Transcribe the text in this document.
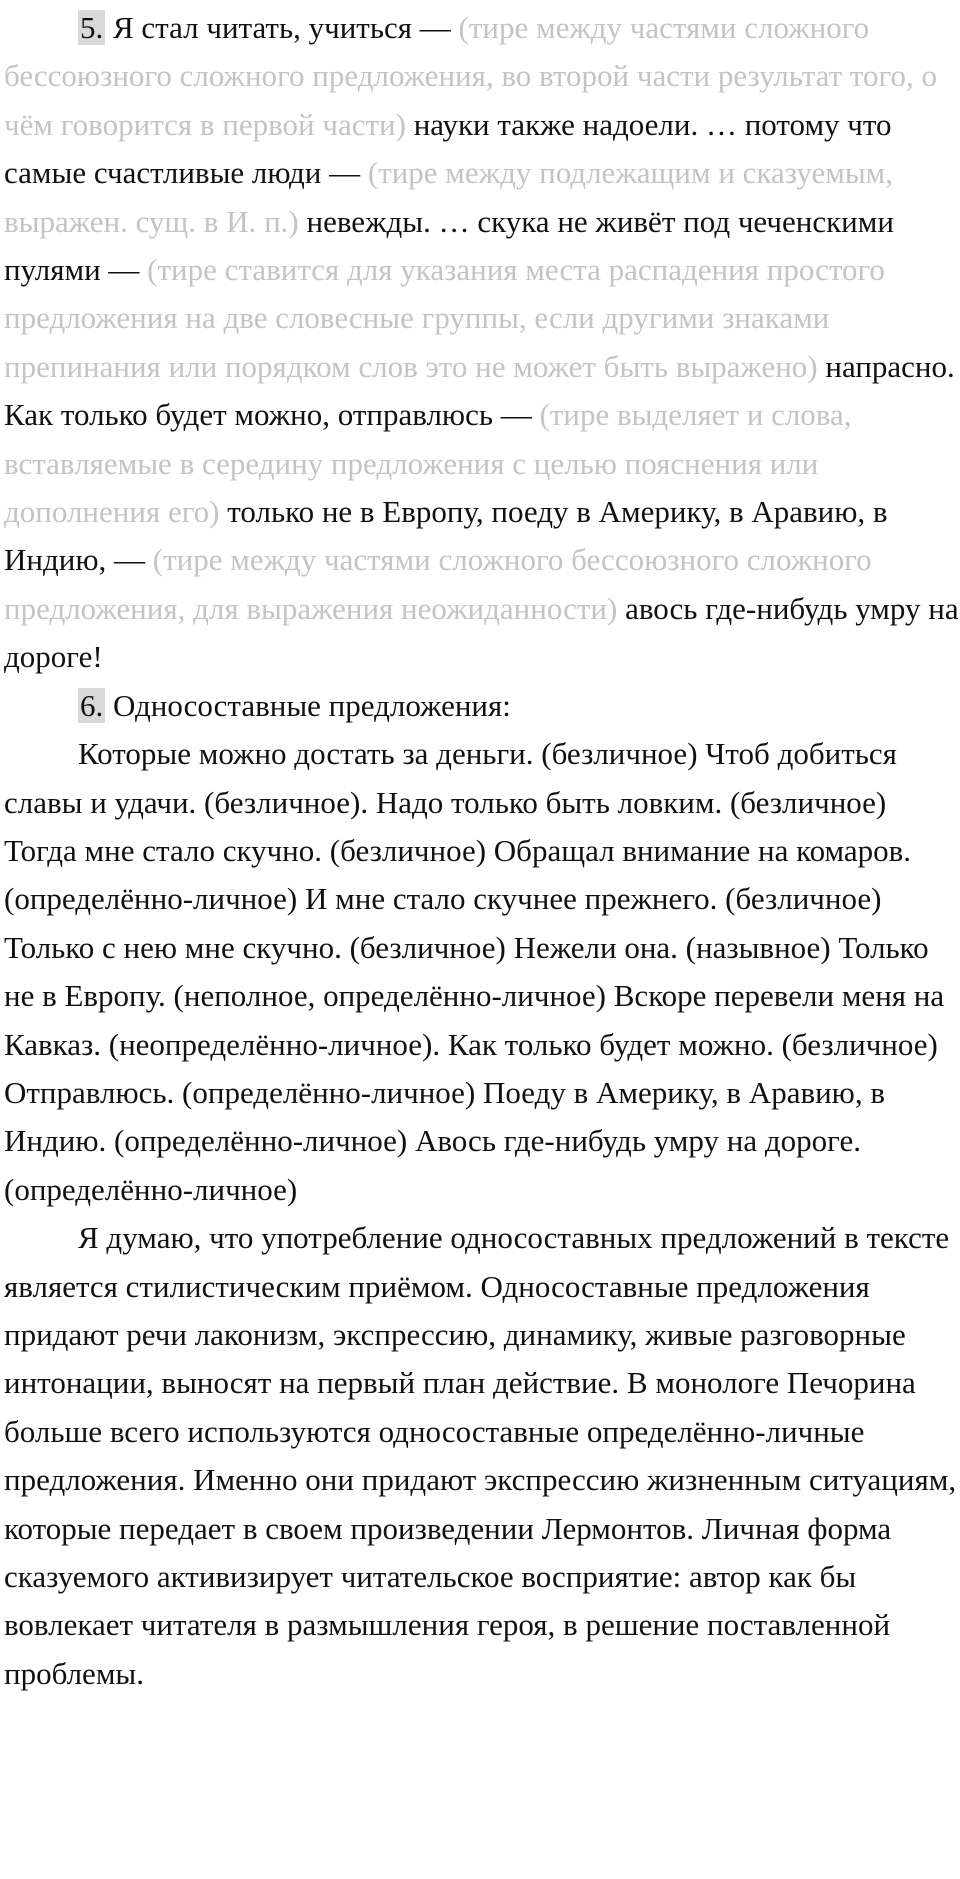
5. Я стал читать, учиться — (тире между частями сложного бессоюзного сложного предложения, во второй части результат того, о чём говорится в первой части) науки также надоели. … потому что самые счастливые люди — (тире между подлежащим и сказуемым, выражен. сущ. в И. п.) невежды. … скука не живёт под чеченскими пулями — (тире ставится для указания места распадения простого предложения на две словесные группы, если другими знаками препинания или порядком слов это не может быть выражено) напрасно. Как только будет можно, отправлюсь — (тире выделяет и слова, вставляемые в середину предложения с целью пояснения или дополнения его) только не в Европу, поеду в Америку, в Аравию, в Индию, — (тире между частями сложного бессоюзного сложного предложения, для выражения неожиданности) авось где-нибудь умру на дороге!

6. Односоставные предложения:

Которые можно достать за деньги. (безличное) Чтоб добиться славы и удачи. (безличное). Надо только быть ловким. (безличное) Тогда мне стало скучно. (безличное) Обращал внимание на комаров. (определённо-личное) И мне стало скучнее прежнего. (безличное) Только с нею мне скучно. (безличное) Нежели она. (назывное) Только не в Европу. (неполное, определённо-личное) Вскоре перевели меня на Кавказ. (неопределённо-личное). Как только будет можно. (безличное) Отправлюсь. (определённо-личное) Поеду в Америку, в Аравию, в Индию. (определённо-личное) Авось где-нибудь умру на дороге. (определённо-личное)

Я думаю, что употребление односоставных предложений в тексте является стилистическим приёмом. Односоставные предложения придают речи лаконизм, экспрессию, динамику, живые разговорные интонации, выносят на первый план действие. В монологе Печорина больше всего используются односоставные определённо-личные предложения. Именно они придают экспрессию жизненным ситуациям, которые передает в своем произведении Лермонтов. Личная форма сказуемого активизирует читательское восприятие: автор как бы вовлекает читателя в размышления героя, в решение поставленной проблемы.
